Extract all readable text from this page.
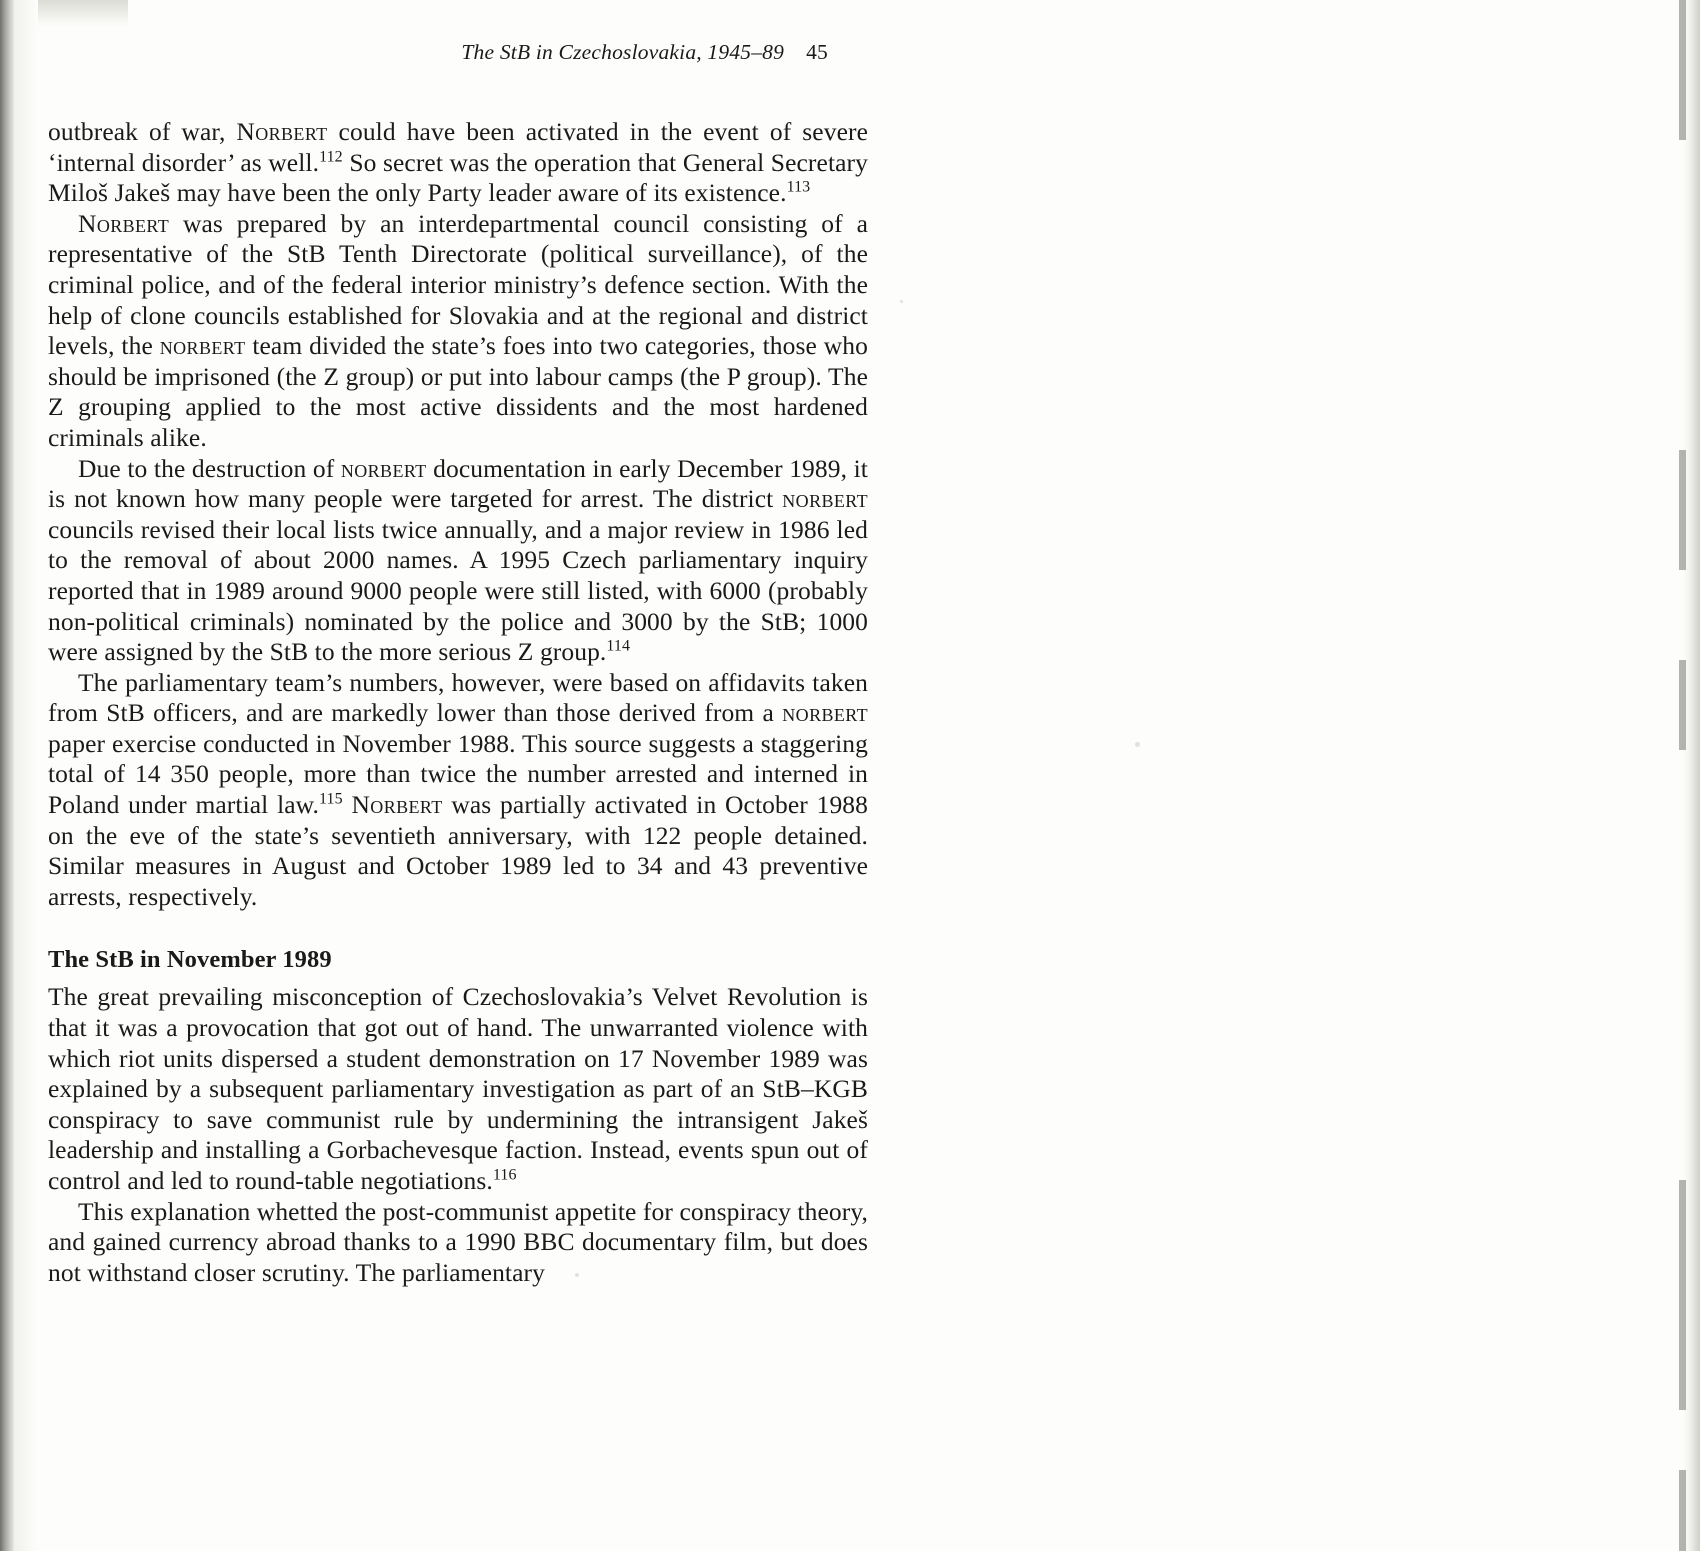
The StB in Czechoslovakia, 1945–89 45

outbreak of war, Norbert could have been activated in the event of severe ‘internal disorder’ as well.$^{112}$ So secret was the operation that General Secretary Miloš Jakeš may have been the only Party leader aware of its existence.$^{113}$

Norbert was prepared by an interdepartmental council consisting of a representative of the StB Tenth Directorate (political surveillance), of the criminal police, and of the federal interior ministry’s defence section. With the help of clone councils established for Slovakia and at the regional and district levels, the norbert team divided the state’s foes into two categories, those who should be imprisoned (the Z group) or put into labour camps (the P group). The Z grouping applied to the most active dissidents and the most hardened criminals alike.

Due to the destruction of norbert documentation in early December 1989, it is not known how many people were targeted for arrest. The district norbert councils revised their local lists twice annually, and a major review in 1986 led to the removal of about 2000 names. A 1995 Czech parliamentary inquiry reported that in 1989 around 9000 people were still listed, with 6000 (probably non-political criminals) nominated by the police and 3000 by the StB; 1000 were assigned by the StB to the more serious Z group.$^{114}$

The parliamentary team’s numbers, however, were based on affidavits taken from StB officers, and are markedly lower than those derived from a norbert paper exercise conducted in November 1988. This source suggests a staggering total of 14 350 people, more than twice the number arrested and interned in Poland under martial law.$^{115}$ Norbert was partially activated in October 1988 on the eve of the state’s seventieth anniversary, with 122 people detained. Similar measures in August and October 1989 led to 34 and 43 preventive arrests, respectively.

The StB in November 1989

The great prevailing misconception of Czechoslovakia’s Velvet Revolution is that it was a provocation that got out of hand. The unwarranted violence with which riot units dispersed a student demonstration on 17 November 1989 was explained by a subsequent parliamentary investigation as part of an StB–KGB conspiracy to save communist rule by undermining the intransigent Jakeš leadership and installing a Gorbachevesque faction. Instead, events spun out of control and led to round-table negotiations.$^{116}$

This explanation whetted the post-communist appetite for conspiracy theory, and gained currency abroad thanks to a 1990 BBC documentary film, but does not withstand closer scrutiny. The parliamentary
